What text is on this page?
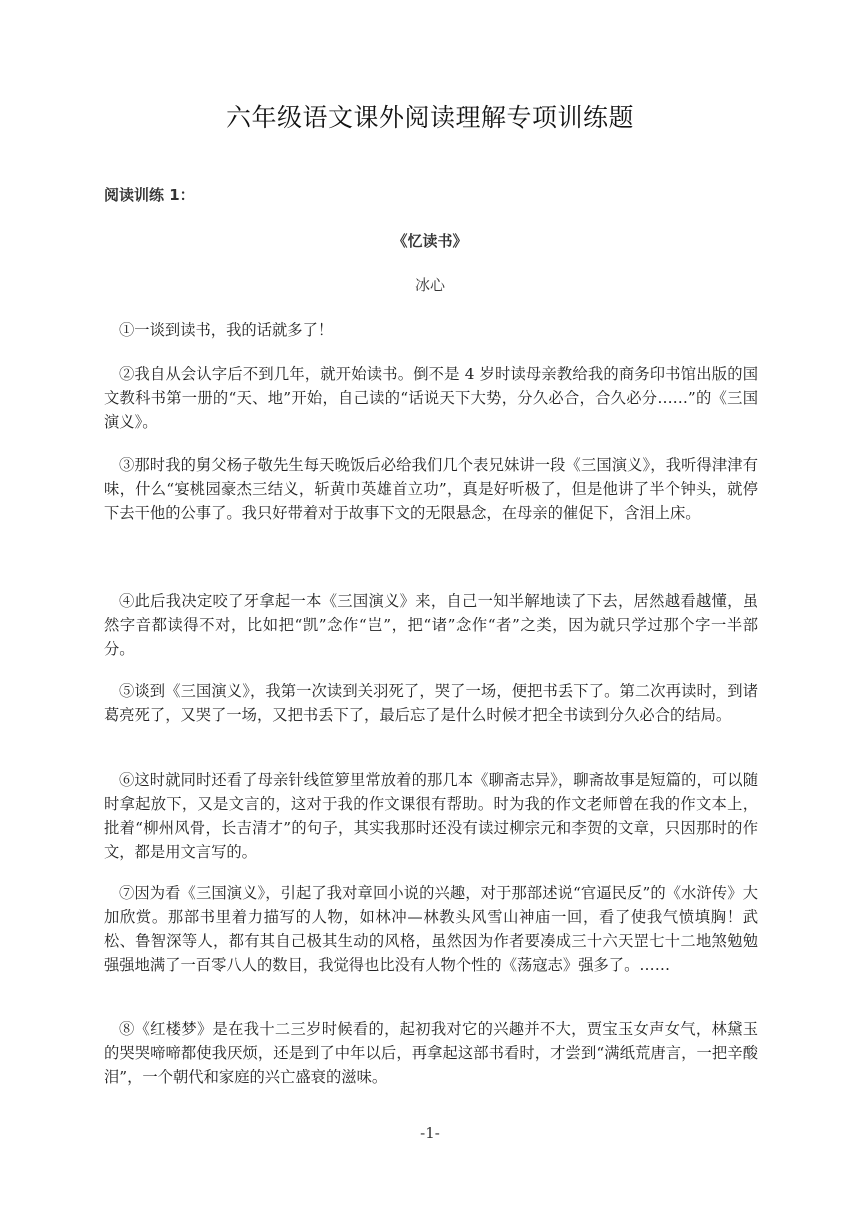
六年级语文课外阅读理解专项训练题
阅读训练 1：
《忆读书》
冰心

①一谈到读书，我的话就多了！

②我自从会认字后不到几年，就开始读书。倒不是 4 岁时读母亲教给我的商务印书馆出版的国文教科书第一册的“天、地”开始，自己读的“话说天下大势，分久必合，合久必分……”的《三国演义》。

③那时我的舅父杨子敬先生每天晚饭后必给我们几个表兄妹讲一段《三国演义》，我听得津津有味，什么“宴桃园豪杰三结义，斩黄巾英雄首立功”，真是好听极了，但是他讲了半个钟头，就停下去干他的公事了。我只好带着对于故事下文的无限悬念，在母亲的催促下，含泪上床。

④此后我决定咬了牙拿起一本《三国演义》来，自己一知半解地读了下去，居然越看越懂，虽然字音都读得不对，比如把“凯”念作“岂”，把“诸”念作“者”之类，因为就只学过那个字一半部分。

⑤谈到《三国演义》，我第一次读到关羽死了，哭了一场，便把书丢下了。第二次再读时，到诸葛亮死了，又哭了一场，又把书丢下了，最后忘了是什么时候才把全书读到分久必合的结局。

⑥这时就同时还看了母亲针线笸箩里常放着的那几本《聊斋志异》，聊斋故事是短篇的，可以随时拿起放下，又是文言的，这对于我的作文课很有帮助。时为我的作文老师曾在我的作文本上，批着“柳州风骨，长吉清才”的句子，其实我那时还没有读过柳宗元和李贺的文章，只因那时的作文，都是用文言写的。

⑦因为看《三国演义》，引起了我对章回小说的兴趣，对于那部述说“官逼民反”的《水浒传》大加欣赏。那部书里着力描写的人物，如林冲—林教头风雪山神庙一回，看了使我气愤填胸！武松、鲁智深等人，都有其自己极其生动的风格，虽然因为作者要凑成三十六天罡七十二地煞勉勉强强地满了一百零八人的数目，我觉得也比没有人物个性的《荡寇志》强多了。……

⑧《红楼梦》是在我十二三岁时候看的，起初我对它的兴趣并不大，贾宝玉女声女气，林黛玉的哭哭啼啼都使我厌烦，还是到了中年以后，再拿起这部书看时，才尝到“满纸荒唐言，一把辛酸泪”，一个朝代和家庭的兴亡盛衰的滋味。

-1-
